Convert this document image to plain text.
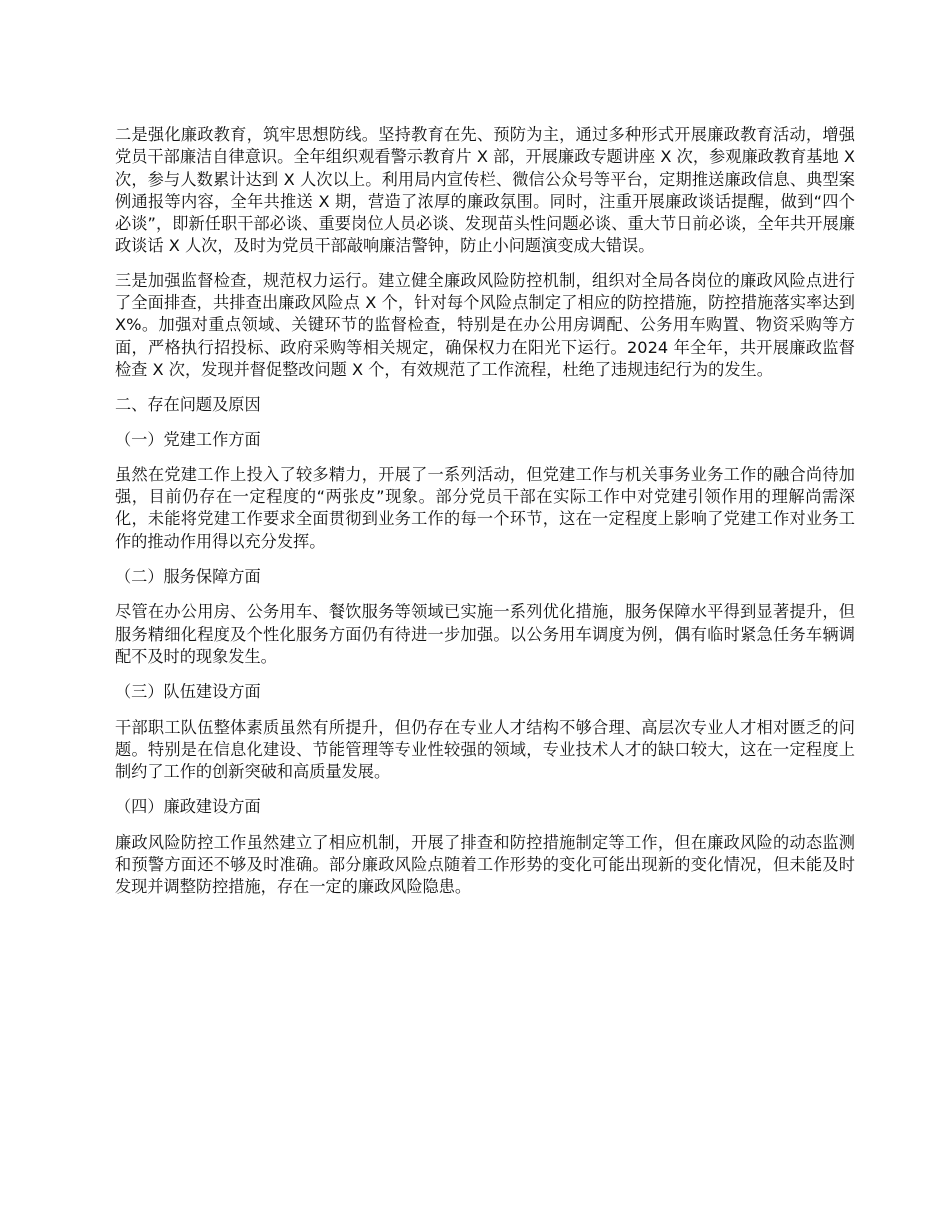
二是强化廉政教育，筑牢思想防线。坚持教育在先、预防为主，通过多种形式开展廉政教育活动，增强党员干部廉洁自律意识。全年组织观看警示教育片 X 部，开展廉政专题讲座 X 次，参观廉政教育基地 X 次，参与人数累计达到 X 人次以上。利用局内宣传栏、微信公众号等平台，定期推送廉政信息、典型案例通报等内容，全年共推送 X 期，营造了浓厚的廉政氛围。同时，注重开展廉政谈话提醒，做到“四个必谈”，即新任职干部必谈、重要岗位人员必谈、发现苗头性问题必谈、重大节日前必谈，全年共开展廉政谈话 X 人次，及时为党员干部敲响廉洁警钟，防止小问题演变成大错误。

三是加强监督检查，规范权力运行。建立健全廉政风险防控机制，组织对全局各岗位的廉政风险点进行了全面排查，共排查出廉政风险点 X 个，针对每个风险点制定了相应的防控措施，防控措施落实率达到 X%。加强对重点领域、关键环节的监督检查，特别是在办公用房调配、公务用车购置、物资采购等方面，严格执行招投标、政府采购等相关规定，确保权力在阳光下运行。2024 年全年，共开展廉政监督检查 X 次，发现并督促整改问题 X 个，有效规范了工作流程，杜绝了违规违纪行为的发生。

二、存在问题及原因

（一）党建工作方面

虽然在党建工作上投入了较多精力，开展了一系列活动，但党建工作与机关事务业务工作的融合尚待加强，目前仍存在一定程度的“两张皮”现象。部分党员干部在实际工作中对党建引领作用的理解尚需深化，未能将党建工作要求全面贯彻到业务工作的每一个环节，这在一定程度上影响了党建工作对业务工作的推动作用得以充分发挥。

（二）服务保障方面

尽管在办公用房、公务用车、餐饮服务等领域已实施一系列优化措施，服务保障水平得到显著提升，但服务精细化程度及个性化服务方面仍有待进一步加强。以公务用车调度为例，偶有临时紧急任务车辆调配不及时的现象发生。

（三）队伍建设方面

干部职工队伍整体素质虽然有所提升，但仍存在专业人才结构不够合理、高层次专业人才相对匮乏的问题。特别是在信息化建设、节能管理等专业性较强的领域，专业技术人才的缺口较大，这在一定程度上制约了工作的创新突破和高质量发展。

（四）廉政建设方面

廉政风险防控工作虽然建立了相应机制，开展了排查和防控措施制定等工作，但在廉政风险的动态监测和预警方面还不够及时准确。部分廉政风险点随着工作形势的变化可能出现新的变化情况，但未能及时发现并调整防控措施，存在一定的廉政风险隐患。
